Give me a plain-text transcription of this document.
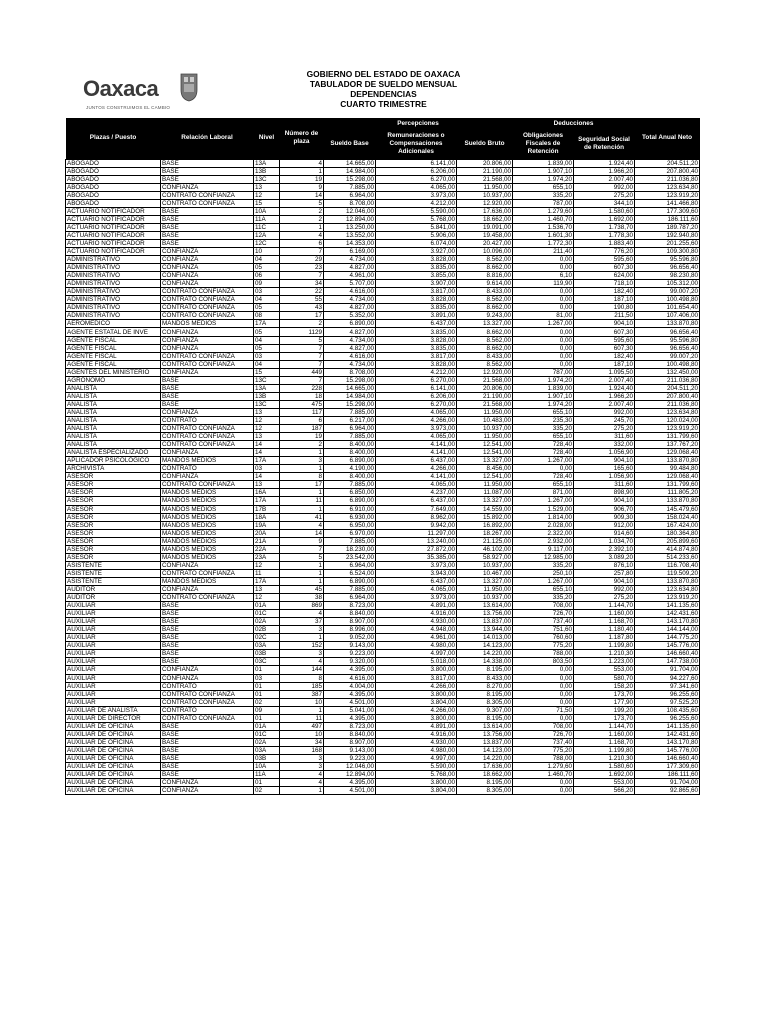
Oaxaca
JUNTOS CONSTRUIMOS EL CAMBIO
GOBIERNO DEL ESTADO DE OAXACA
TABULADOR DE SUELDO MENSUAL
DEPENDENCIAS
CUARTO TRIMESTRE
Plazas / Puesto	Relación Laboral	Nivel	Número de plaza	Percepciones			Deducciones		Total Anual Neto
				Sueldo Base	Remuneraciones o Compensaciones Adicionales	Sueldo Bruto	Obligaciones Fiscales de Retención	Seguridad Social de Retención	
ABOGADO	BASE	13A	4	14.665,00	6.141,00	20.806,00	1.839,00	1.924,40	204.511,20
ABOGADO	BASE	13B	1	14.984,00	6.206,00	21.190,00	1.907,10	1.966,20	207.800,40
ABOGADO	BASE	13C	19	15.298,00	6.270,00	21.568,00	1.974,20	2.007,40	211.036,80
ABOGADO	CONFIANZA	13	9	7.885,00	4.065,00	11.950,00	655,10	992,00	123.634,80
ABOGADO	CONTRATO CONFIANZA	12	14	6.964,00	3.973,00	10.937,00	335,20	275,20	123.919,20
ABOGADO	CONTRATO CONFIANZA	15	5	8.708,00	4.212,00	12.920,00	787,00	344,10	141.466,80
ACTUARIO NOTIFICADOR	BASE	10A	2	12.046,00	5.590,00	17.636,00	1.279,60	1.580,60	177.309,60
ACTUARIO NOTIFICADOR	BASE	11A	2	12.894,00	5.768,00	18.662,00	1.460,70	1.692,00	186.111,60
ACTUARIO NOTIFICADOR	BASE	11C	1	13.250,00	5.841,00	19.091,00	1.536,70	1.738,70	189.787,20
ACTUARIO NOTIFICADOR	BASE	12A	4	13.552,00	5.906,00	19.458,00	1.601,30	1.778,30	192.940,80
ACTUARIO NOTIFICADOR	BASE	12C	6	14.353,00	6.074,00	20.427,00	1.772,30	1.883,40	201.255,60
ACTUARIO NOTIFICADOR	CONFIANZA	10	7	6.169,00	3.927,00	10.096,00	211,40	776,20	109.300,80
ADMINISTRATIVO	CONFIANZA	04	29	4.734,00	3.828,00	8.562,00	0,00	595,60	95.596,80
ADMINISTRATIVO	CONFIANZA	05	23	4.827,00	3.835,00	8.662,00	0,00	607,30	96.656,40
ADMINISTRATIVO	CONFIANZA	06	7	4.961,00	3.855,00	8.816,00	6,10	624,00	98.230,80
ADMINISTRATIVO	CONFIANZA	09	34	5.707,00	3.907,00	9.614,00	119,90	718,10	105.312,00
ADMINISTRATIVO	CONTRATO CONFIANZA	03	22	4.616,00	3.817,00	8.433,00	0,00	182,40	99.007,20
ADMINISTRATIVO	CONTRATO CONFIANZA	04	55	4.734,00	3.828,00	8.562,00	0,00	187,10	100.498,80
ADMINISTRATIVO	CONTRATO CONFIANZA	05	43	4.827,00	3.835,00	8.662,00	0,00	190,80	101.654,40
ADMINISTRATIVO	CONTRATO CONFIANZA	08	17	5.352,00	3.891,00	9.243,00	81,00	211,50	107.406,00
AEROMEDICO	MANDOS MEDIOS	17A	2	6.890,00	6.437,00	13.327,00	1.267,00	904,10	133.870,80
AGENTE ESTATAL DE INVE	CONFIANZA	05	1129	4.827,00	3.835,00	8.662,00	0,00	607,30	96.656,40
AGENTE FISCAL	CONFIANZA	04	5	4.734,00	3.828,00	8.562,00	0,00	595,60	95.596,80
AGENTE FISCAL	CONFIANZA	05	7	4.827,00	3.835,00	8.662,00	0,00	607,30	96.656,40
AGENTE FISCAL	CONTRATO CONFIANZA	03	7	4.616,00	3.817,00	8.433,00	0,00	182,40	99.007,20
AGENTE FISCAL	CONTRATO CONFIANZA	04	7	4.734,00	3.828,00	8.562,00	0,00	187,10	100.498,80
AGENTES DEL MINISTERIO	CONFIANZA	15	449	8.708,00	4.212,00	12.920,00	787,00	1.095,50	132.450,00
AGRONOMO	BASE	13C	7	15.298,00	6.270,00	21.568,00	1.974,20	2.007,40	211.036,80
ANALISTA	BASE	13A	228	14.665,00	6.141,00	20.806,00	1.839,00	1.924,40	204.511,20
ANALISTA	BASE	13B	18	14.984,00	6.206,00	21.190,00	1.907,10	1.966,20	207.800,40
ANALISTA	BASE	13C	475	15.298,00	6.270,00	21.568,00	1.974,20	2.007,40	211.036,80
ANALISTA	CONFIANZA	13	117	7.885,00	4.065,00	11.950,00	655,10	992,00	123.634,80
ANALISTA	CONTRATO	12	6	6.217,00	4.266,00	10.483,00	235,30	245,70	120.024,00
ANALISTA	CONTRATO CONFIANZA	12	187	6.964,00	3.973,00	10.937,00	335,20	275,20	123.919,20
ANALISTA	CONTRATO CONFIANZA	13	19	7.885,00	4.065,00	11.950,00	655,10	311,60	131.799,60
ANALISTA	CONTRATO CONFIANZA	14	2	8.400,00	4.141,00	12.541,00	728,40	332,00	137.767,20
ANALISTA ESPECIALIZADO	CONFIANZA	14	1	8.400,00	4.141,00	12.541,00	728,40	1.056,90	129.068,40
APLICADOR PSICOLOGICO	MANDOS MEDIOS	17A	3	6.890,00	6.437,00	13.327,00	1.267,00	904,10	133.870,80
ARCHIVISTA	CONTRATO	03	1	4.190,00	4.266,00	8.456,00	0,00	165,60	99.484,80
ASESOR	CONFIANZA	14	8	8.400,00	4.141,00	12.541,00	728,40	1.056,90	129.068,40
ASESOR	CONTRATO CONFIANZA	13	17	7.885,00	4.065,00	11.950,00	655,10	311,60	131.799,60
ASESOR	MANDOS MEDIOS	16A	1	6.850,00	4.237,00	11.087,00	871,00	898,90	111.805,20
ASESOR	MANDOS MEDIOS	17A	11	6.890,00	6.437,00	13.327,00	1.267,00	904,10	133.870,80
ASESOR	MANDOS MEDIOS	17B	1	6.910,00	7.649,00	14.559,00	1.529,00	906,70	145.479,60
ASESOR	MANDOS MEDIOS	18A	41	6.930,00	8.962,00	15.892,00	1.814,00	909,30	158.024,40
ASESOR	MANDOS MEDIOS	19A	4	6.950,00	9.942,00	16.892,00	2.028,00	912,00	167.424,00
ASESOR	MANDOS MEDIOS	20A	14	6.970,00	11.297,00	18.267,00	2.322,00	914,60	180.364,80
ASESOR	MANDOS MEDIOS	21A	9	7.885,00	13.240,00	21.125,00	2.932,00	1.034,70	205.899,60
ASESOR	MANDOS MEDIOS	22A	7	18.230,00	27.872,00	46.102,00	9.117,00	2.392,10	414.874,80
ASESOR	MANDOS MEDIOS	23A	5	23.542,00	35.385,00	58.927,00	12.985,00	3.089,20	514.233,60
ASISTENTE	CONFIANZA	12	1	6.964,00	3.973,00	10.937,00	335,20	876,10	116.708,40
ASISTENTE	CONTRATO CONFIANZA	11	1	6.524,00	3.943,00	10.467,00	250,10	257,80	119.509,20
ASISTENTE	MANDOS MEDIOS	17A	1	6.890,00	6.437,00	13.327,00	1.267,00	904,10	133.870,80
AUDITOR	CONFIANZA	13	45	7.885,00	4.065,00	11.950,00	655,10	992,00	123.634,80
AUDITOR	CONTRATO CONFIANZA	12	38	6.964,00	3.973,00	10.937,00	335,20	275,20	123.919,20
AUXILIAR	BASE	01A	869	8.723,00	4.891,00	13.614,00	708,00	1.144,70	141.135,60
AUXILIAR	BASE	01C	4	8.840,00	4.916,00	13.756,00	726,70	1.160,00	142.431,60
AUXILIAR	BASE	02A	37	8.907,00	4.930,00	13.837,00	737,40	1.168,70	143.170,80
AUXILIAR	BASE	02B	3	8.996,00	4.948,00	13.944,00	751,60	1.180,40	144.144,00
AUXILIAR	BASE	02C	1	9.052,00	4.961,00	14.013,00	760,60	1.187,80	144.775,20
AUXILIAR	BASE	03A	152	9.143,00	4.980,00	14.123,00	775,20	1.199,80	145.776,00
AUXILIAR	BASE	03B	3	9.223,00	4.997,00	14.220,00	788,00	1.210,30	146.660,40
AUXILIAR	BASE	03C	4	9.320,00	5.018,00	14.338,00	803,50	1.223,00	147.738,00
AUXILIAR	CONFIANZA	01	144	4.395,00	3.800,00	8.195,00	0,00	553,00	91.704,00
AUXILIAR	CONFIANZA	03	8	4.616,00	3.817,00	8.433,00	0,00	580,70	94.227,60
AUXILIAR	CONTRATO	01	185	4.004,00	4.266,00	8.270,00	0,00	158,20	97.341,60
AUXILIAR	CONTRATO CONFIANZA	01	387	4.395,00	3.800,00	8.195,00	0,00	173,70	96.255,60
AUXILIAR	CONTRATO CONFIANZA	02	10	4.501,00	3.804,00	8.305,00	0,00	177,90	97.525,20
AUXILIAR DE ANALISTA	CONTRATO	09	1	5.041,00	4.266,00	9.307,00	71,50	199,20	108.435,60
AUXILIAR DE DIRECTOR	CONTRATO CONFIANZA	01	11	4.395,00	3.800,00	8.195,00	0,00	173,70	96.255,60
AUXILIAR DE OFICINA	BASE	01A	497	8.723,00	4.891,00	13.614,00	708,00	1.144,70	141.135,60
AUXILIAR DE OFICINA	BASE	01C	10	8.840,00	4.916,00	13.756,00	726,70	1.160,00	142.431,60
AUXILIAR DE OFICINA	BASE	02A	34	8.907,00	4.930,00	13.837,00	737,40	1.168,70	143.170,80
AUXILIAR DE OFICINA	BASE	03A	168	9.143,00	4.980,00	14.123,00	775,20	1.199,80	145.776,00
AUXILIAR DE OFICINA	BASE	03B	3	9.223,00	4.997,00	14.220,00	788,00	1.210,30	146.660,40
AUXILIAR DE OFICINA	BASE	10A	3	12.046,00	5.590,00	17.636,00	1.279,60	1.580,60	177.309,60
AUXILIAR DE OFICINA	BASE	11A	4	12.894,00	5.768,00	18.662,00	1.460,70	1.692,00	186.111,60
AUXILIAR DE OFICINA	CONFIANZA	01	4	4.395,00	3.800,00	8.195,00	0,00	553,00	91.704,00
AUXILIAR DE OFICINA	CONFIANZA	02	1	4.501,00	3.804,00	8.305,00	0,00	566,20	92.865,60
